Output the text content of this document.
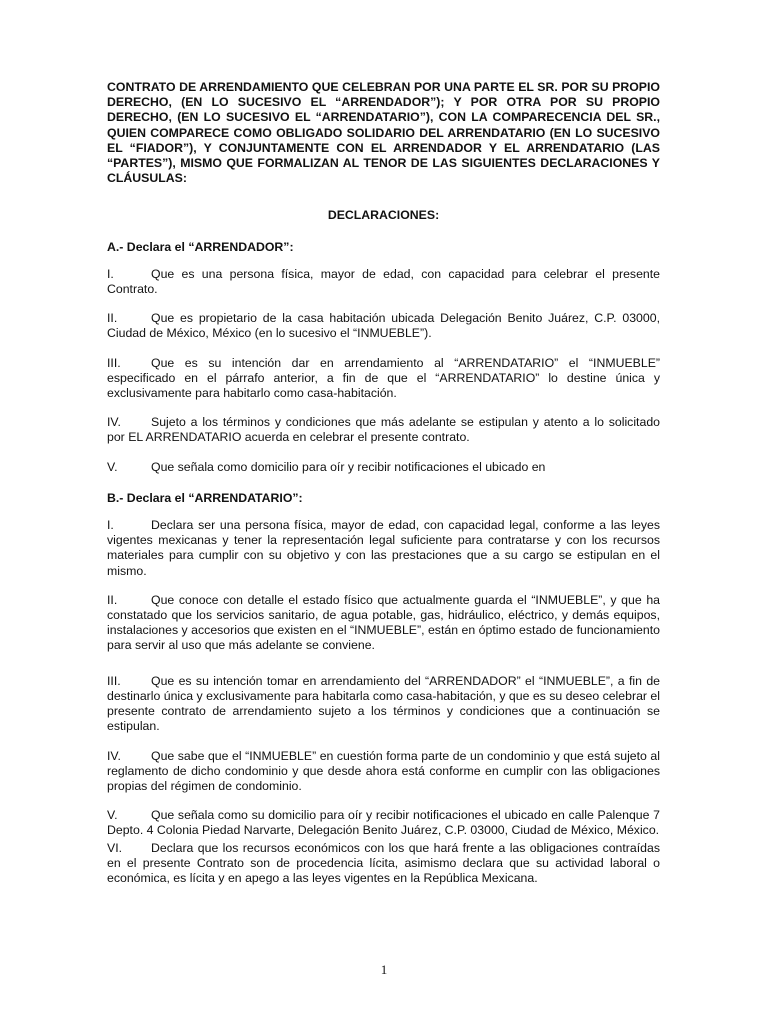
CONTRATO DE ARRENDAMIENTO QUE CELEBRAN POR UNA PARTE EL SR. POR SU PROPIO DERECHO, (EN LO SUCESIVO EL “ARRENDADOR”); Y POR OTRA POR SU PROPIO DERECHO, (EN LO SUCESIVO EL “ARRENDATARIO”), CON LA COMPARECENCIA DEL SR., QUIEN COMPARECE COMO OBLIGADO SOLIDARIO DEL ARRENDATARIO (EN LO SUCESIVO EL “FIADOR”), Y CONJUNTAMENTE CON EL ARRENDADOR Y EL ARRENDATARIO (LAS “PARTES”), MISMO QUE FORMALIZAN AL TENOR DE LAS SIGUIENTES DECLARACIONES Y CLÁUSULAS:

DECLARACIONES:

A.- Declara el “ARRENDADOR”:

I.	Que es una persona física, mayor de edad, con capacidad para celebrar el presente Contrato.

II.	Que es propietario de la casa habitación ubicada Delegación Benito Juárez, C.P. 03000, Ciudad de México, México (en lo sucesivo el “INMUEBLE”).

III. Que es su intención dar en arrendamiento al “ARRENDATARIO” el “INMUEBLE” especificado en el párrafo anterior, a fin de que el “ARRENDATARIO” lo destine única y exclusivamente para habitarlo como casa-habitación.

IV. Sujeto a los términos y condiciones que más adelante se estipulan y atento a lo solicitado por EL ARRENDATARIO acuerda en celebrar el presente contrato.

V.	Que señala como domicilio para oír y recibir notificaciones el ubicado en

B.- Declara el “ARRENDATARIO”:

I.	Declara ser una persona física, mayor de edad, con capacidad legal, conforme a las leyes vigentes mexicanas y tener la representación legal suficiente para contratarse y con los recursos materiales para cumplir con su objetivo y con las prestaciones que a su cargo se estipulan en el mismo.

II.	Que conoce con detalle el estado físico que actualmente guarda el “INMUEBLE”, y que ha constatado que los servicios sanitario, de agua potable, gas, hidráulico, eléctrico, y demás equipos, instalaciones y accesorios que existen en el “INMUEBLE”, están en óptimo estado de funcionamiento para servir al uso que más adelante se conviene.

III. Que es su intención tomar en arrendamiento del “ARRENDADOR” el “INMUEBLE”, a fin de destinarlo única y exclusivamente para habitarla como casa-habitación, y que es su deseo celebrar el presente contrato de arrendamiento sujeto a los términos y condiciones que a continuación se estipulan.

IV. Que sabe que el “INMUEBLE” en cuestión forma parte de un condominio y que está sujeto al reglamento de dicho condominio y que desde ahora está conforme en cumplir con las obligaciones propias del régimen de condominio.

V.	Que señala como su domicilio para oír y recibir notificaciones el ubicado en calle Palenque 7 Depto. 4 Colonia Piedad Narvarte, Delegación Benito Juárez, C.P. 03000, Ciudad de México, México.

VI. Declara que los recursos económicos con los que hará frente a las obligaciones contraídas en el presente Contrato son de procedencia lícita, asimismo declara que su actividad laboral o económica, es lícita y en apego a las leyes vigentes en la República Mexicana.

1
